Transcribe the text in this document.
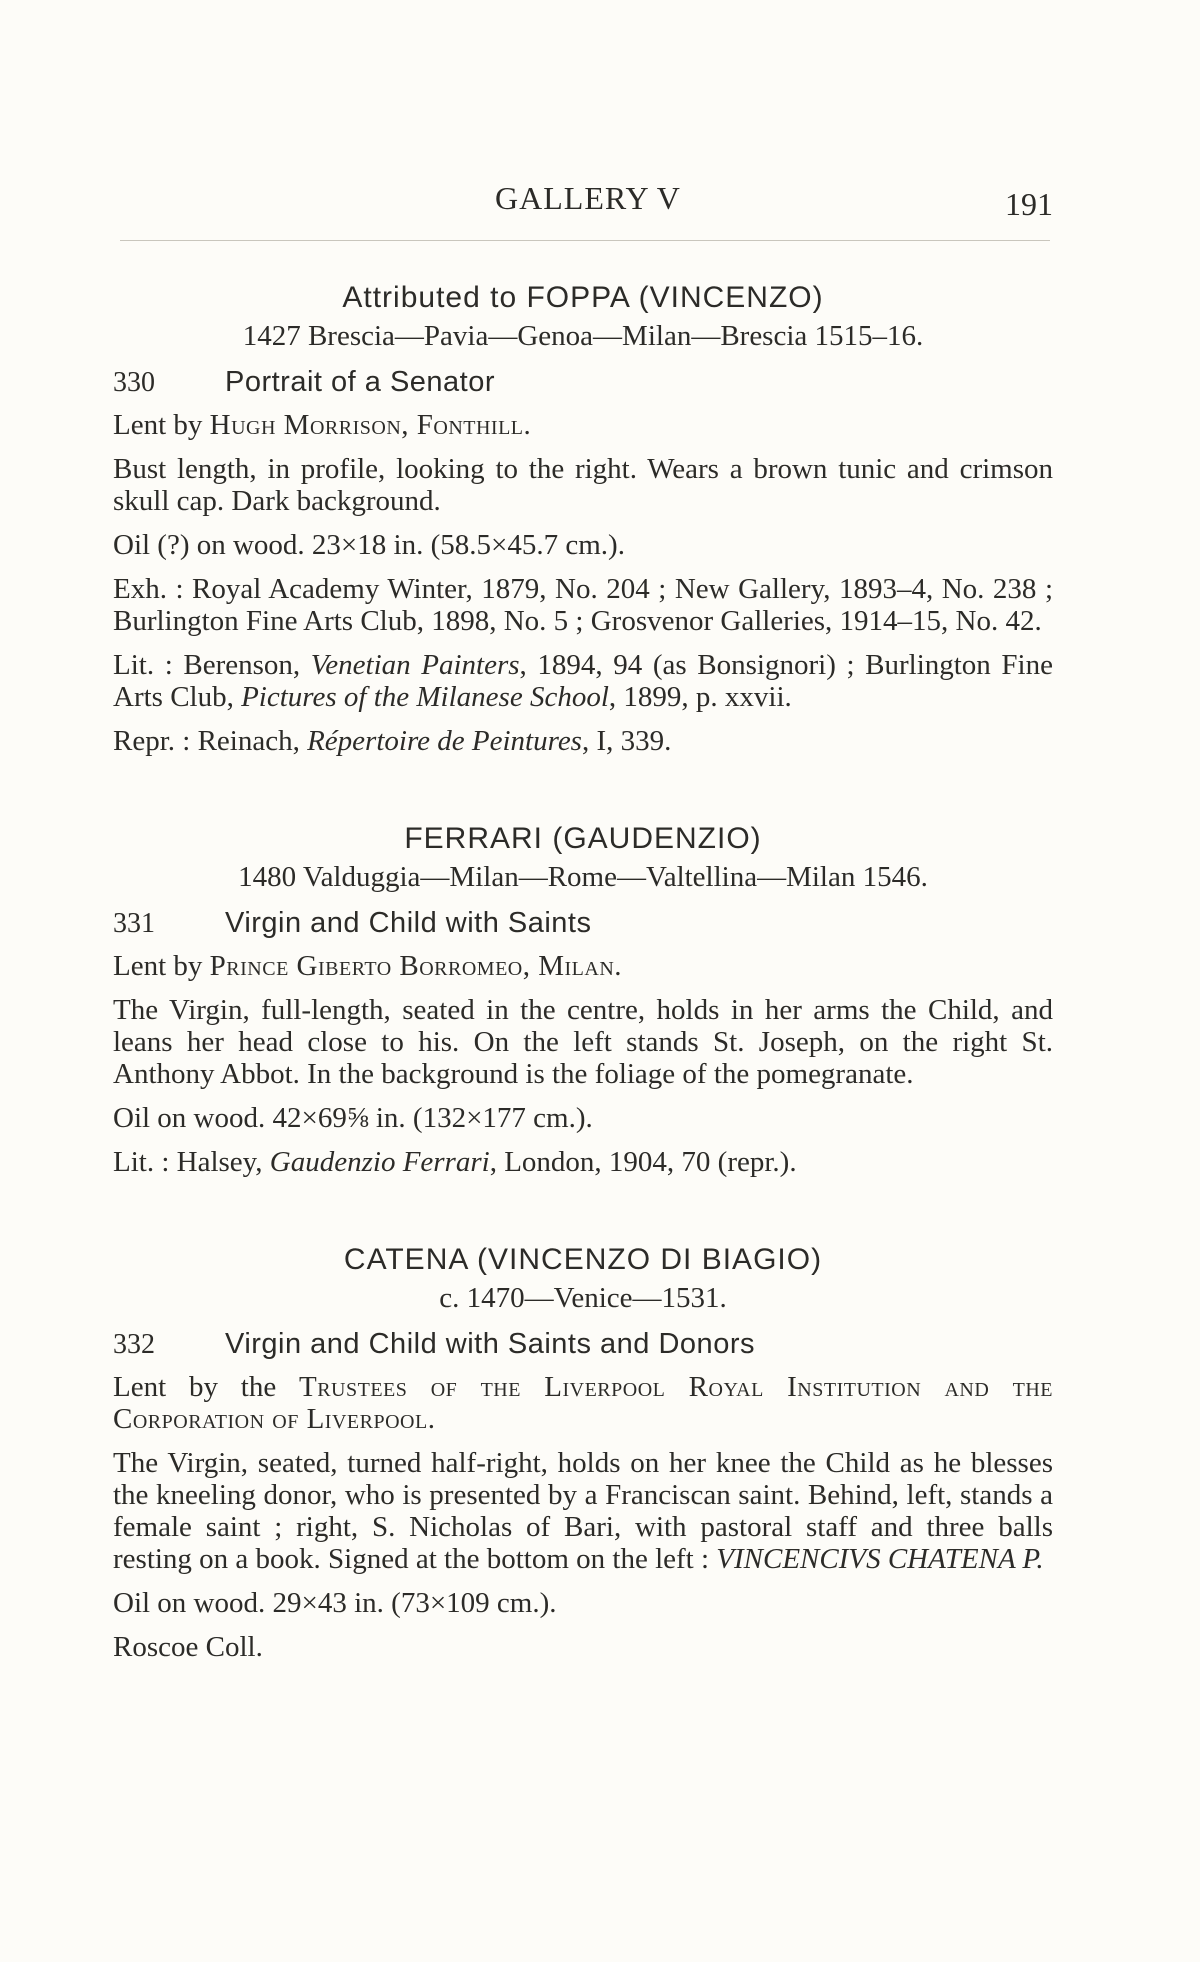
GALLERY V	191
Attributed to FOPPA (VINCENZO)
1427 Brescia—Pavia—Genoa—Milan—Brescia 1515–16.
330	Portrait of a Senator
Lent by Hugh Morrison, Fonthill.
Bust length, in profile, looking to the right. Wears a brown tunic and crimson skull cap. Dark background.
Oil (?) on wood. 23×18 in. (58.5×45.7 cm.).
Exh. : Royal Academy Winter, 1879, No. 204 ; New Gallery, 1893–4, No. 238 ; Burlington Fine Arts Club, 1898, No. 5 ; Grosvenor Galleries, 1914–15, No. 42.
Lit. : Berenson, Venetian Painters, 1894, 94 (as Bonsignori) ; Burlington Fine Arts Club, Pictures of the Milanese School, 1899, p. xxvii.
Repr. : Reinach, Répertoire de Peintures, I, 339.
FERRARI (GAUDENZIO)
1480 Valduggia—Milan—Rome—Valtellina—Milan 1546.
331	Virgin and Child with Saints
Lent by Prince Giberto Borromeo, Milan.
The Virgin, full-length, seated in the centre, holds in her arms the Child, and leans her head close to his. On the left stands St. Joseph, on the right St. Anthony Abbot. In the background is the foliage of the pomegranate.
Oil on wood. 42×69⅝ in. (132×177 cm.).
Lit. : Halsey, Gaudenzio Ferrari, London, 1904, 70 (repr.).
CATENA (VINCENZO DI BIAGIO)
c. 1470—Venice—1531.
332	Virgin and Child with Saints and Donors
Lent by the Trustees of the Liverpool Royal Institution and the Corporation of Liverpool.
The Virgin, seated, turned half-right, holds on her knee the Child as he blesses the kneeling donor, who is presented by a Franciscan saint. Behind, left, stands a female saint ; right, S. Nicholas of Bari, with pastoral staff and three balls resting on a book. Signed at the bottom on the left : VINCENCIVS CHATENA P.
Oil on wood. 29×43 in. (73×109 cm.).
Roscoe Coll.
